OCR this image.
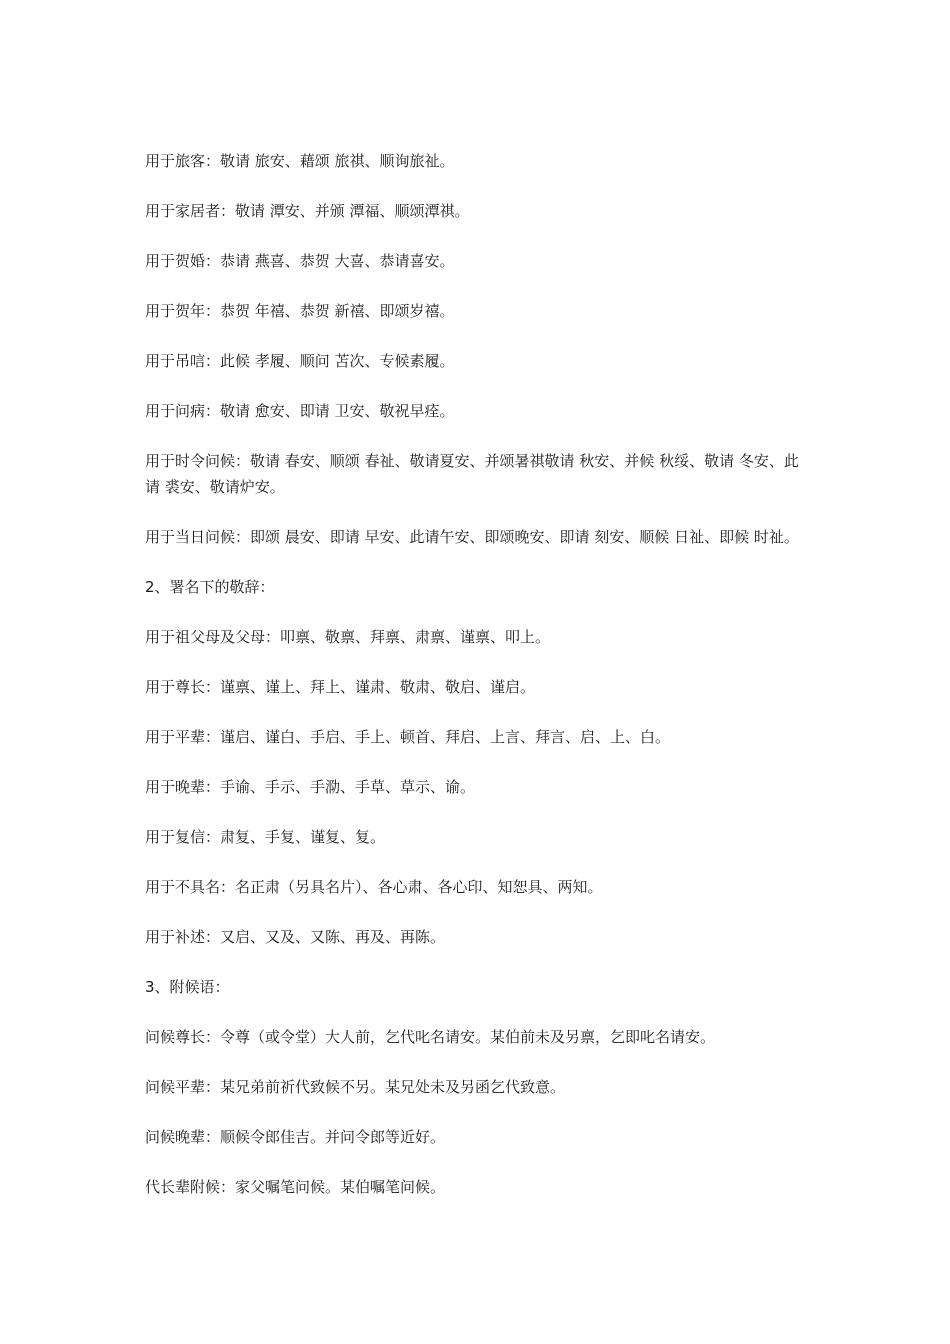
用于旅客：敬请 旅安、藉颂 旅祺、顺询旅祉。

用于家居者：敬请 潭安、并颁 潭福、顺颂潭祺。

用于贺婚：恭请 燕喜、恭贺 大喜、恭请喜安。

用于贺年：恭贺 年禧、恭贺 新禧、即颂岁禧。

用于吊唁：此候 孝履、顺问 苫次、专候素履。

用于问病：敬请 愈安、即请 卫安、敬祝早痊。

用于时令问候：敬请 春安、顺颂 春祉、敬请夏安、并颂暑祺敬请 秋安、并候 秋绥、敬请 冬安、此请 裘安、敬请炉安。

用于当日问候：即颂 晨安、即请 早安、此请午安、即颂晚安、即请 刻安、顺候 日祉、即候 时祉。

2、署名下的敬辞：

用于祖父母及父母：叩禀、敬禀、拜禀、肃禀、谨禀、叩上。

用于尊长：谨禀、谨上、拜上、谨肃、敬肃、敬启、谨启。

用于平辈：谨启、谨白、手启、手上、顿首、拜启、上言、拜言、启、上、白。

用于晚辈：手谕、手示、手泐、手草、草示、谕。

用于复信：肃复、手复、谨复、复。

用于不具名：名正肃（另具名片）、各心肃、各心印、知恕具、两知。

用于补述：又启、又及、又陈、再及、再陈。

3、附候语：

问候尊长：令尊（或令堂）大人前，乞代叱名请安。某伯前未及另禀，乞即叱名请安。

问候平辈：某兄弟前祈代致候不另。某兄处未及另函乞代致意。

问候晚辈：顺候令郎佳吉。并问令郎等近好。

代长辈附候：家父嘱笔问候。某伯嘱笔问候。
